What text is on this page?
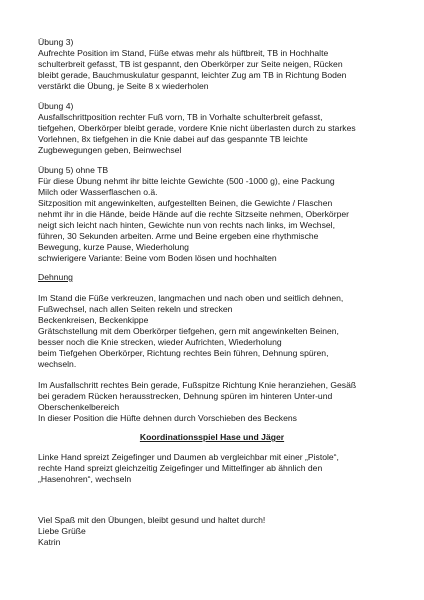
Übung 3)

Aufrechte Position im Stand, Füße etwas mehr als hüftbreit, TB in Hochhalte

schulterbreit gefasst, TB ist gespannt, den Oberkörper zur Seite neigen, Rücken

bleibt gerade, Bauchmuskulatur gespannt, leichter Zug am TB in Richtung Boden

verstärkt die Übung, je Seite 8 x wiederholen

Übung 4)

Ausfallschrittposition rechter Fuß vorn, TB in Vorhalte schulterbreit gefasst,

tiefgehen, Oberkörper bleibt gerade, vordere Knie nicht überlasten durch zu starkes

Vorlehnen, 8x tiefgehen in die Knie dabei auf das gespannte TB leichte

Zugbewegungen geben, Beinwechsel

Übung 5) ohne TB

Für diese Übung nehmt ihr bitte leichte Gewichte (500 -1000 g), eine Packung

Milch oder Wasserflaschen o.ä.

Sitzposition mit angewinkelten, aufgestellten Beinen, die Gewichte / Flaschen

nehmt ihr in die Hände, beide Hände auf die rechte Sitzseite nehmen, Oberkörper

neigt sich leicht nach hinten, Gewichte nun von rechts nach links, im Wechsel,

führen, 30 Sekunden arbeiten. Arme und Beine ergeben eine rhythmische

Bewegung, kurze Pause, Wiederholung

schwierigere Variante: Beine vom Boden lösen und hochhalten

Dehnung

Im Stand die Füße verkreuzen, langmachen und nach oben und seitlich dehnen,

Fußwechsel, nach allen Seiten rekeln und strecken

Beckenkreisen, Beckenkippe

Grätschstellung mit dem Oberkörper tiefgehen, gern mit angewinkelten Beinen,

besser noch die Knie strecken, wieder Aufrichten, Wiederholung

beim Tiefgehen Oberkörper, Richtung rechtes Bein führen, Dehnung spüren,

wechseln.

Im Ausfallschritt rechtes Bein gerade, Fußspitze Richtung Knie heranziehen, Gesäß

bei geradem Rücken herausstrecken, Dehnung spüren im hinteren Unter-und

Oberschenkelbereich

In dieser Position die Hüfte dehnen durch Vorschieben des Beckens

Koordinationsspiel Hase und Jäger

Linke Hand spreizt Zeigefinger und Daumen ab vergleichbar mit einer „Pistole“,

rechte Hand spreizt gleichzeitig Zeigefinger und Mittelfinger ab ähnlich den

„Hasenohren“, wechseln

Viel Spaß mit den Übungen, bleibt gesund und haltet durch!

Liebe Grüße

Katrin
